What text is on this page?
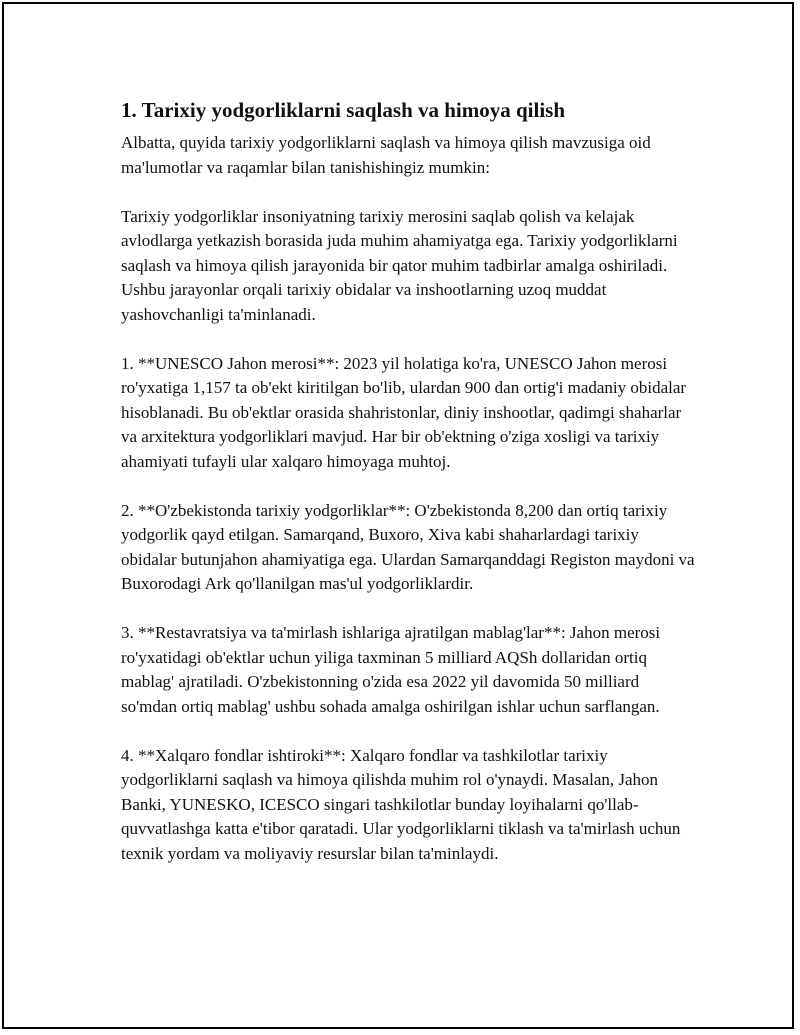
1. Tarixiy yodgorliklarni saqlash va himoya qilish

Albatta, quyida tarixiy yodgorliklarni saqlash va himoya qilish mavzusiga oid ma'lumotlar va raqamlar bilan tanishishingiz mumkin:

Tarixiy yodgorliklar insoniyatning tarixiy merosini saqlab qolish va kelajak avlodlarga yetkazish borasida juda muhim ahamiyatga ega. Tarixiy yodgorliklarni saqlash va himoya qilish jarayonida bir qator muhim tadbirlar amalga oshiriladi. Ushbu jarayonlar orqali tarixiy obidalar va inshootlarning uzoq muddat yashovchanligi ta'minlanadi.

1. **UNESCO Jahon merosi**: 2023 yil holatiga ko'ra, UNESCO Jahon merosi ro'yxatiga 1,157 ta ob'ekt kiritilgan bo'lib, ulardan 900 dan ortig'i madaniy obidalar hisoblanadi. Bu ob'ektlar orasida shahristonlar, diniy inshootlar, qadimgi shaharlar va arxitektura yodgorliklari mavjud. Har bir ob'ektning o'ziga xosligi va tarixiy ahamiyati tufayli ular xalqaro himoyaga muhtoj.

2. **O'zbekistonda tarixiy yodgorliklar**: O'zbekistonda 8,200 dan ortiq tarixiy yodgorlik qayd etilgan. Samarqand, Buxoro, Xiva kabi shaharlardagi tarixiy obidalar butunjahon ahamiyatiga ega. Ulardan Samarqanddagi Registon maydoni va Buxorodagi Ark qo'llanilgan mas'ul yodgorliklardir.

3. **Restavratsiya va ta'mirlash ishlariga ajratilgan mablag'lar**: Jahon merosi ro'yxatidagi ob'ektlar uchun yiliga taxminan 5 milliard AQSh dollaridan ortiq mablag' ajratiladi. O'zbekistonning o'zida esa 2022 yil davomida 50 milliard so'mdan ortiq mablag' ushbu sohada amalga oshirilgan ishlar uchun sarflangan.

4. **Xalqaro fondlar ishtiroki**: Xalqaro fondlar va tashkilotlar tarixiy yodgorliklarni saqlash va himoya qilishda muhim rol o'ynaydi. Masalan, Jahon Banki, YUNESKO, ICESCO singari tashkilotlar bunday loyihalarni qo'llab-quvvatlashga katta e'tibor qaratadi. Ular yodgorliklarni tiklash va ta'mirlash uchun texnik yordam va moliyaviy resurslar bilan ta'minlaydi.
